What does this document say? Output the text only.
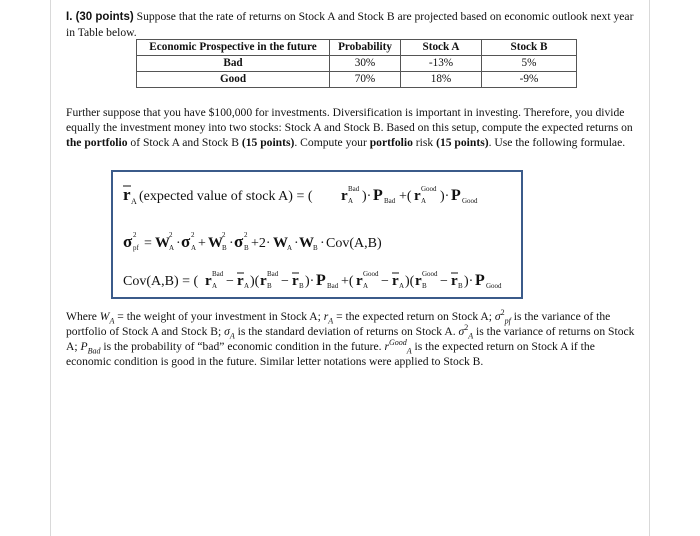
I. (30 points) Suppose that the rate of returns on Stock A and Stock B are projected based on economic outlook next year in Table below.
Economic Prospective in the future	Probability	Stock A	Stock B
Bad	30%	-13%	5%
Good	70%	18%	-9%
Further suppose that you have $100,000 for investments. Diversification is important in investing. Therefore, you divide equally the investment money into two stocks: Stock A and Stock B. Based on this setup, compute the expected returns on the portfolio of Stock A and Stock B (15 points). Compute your portfolio risk (15 points). Use the following formulae.
r A (expected value of stock A) = ( r Bad
A )· P Bad +( r Good
A )· P Good
σ 2
pf = W 2
A · σ 2
A + W 2
B · σ 2
B +2· W A · W B · Cov(A,B)
Cov(A,B) = ( r Bad
A − r A )( r Bad
B − r B )· P Bad +( r Good
A − r A )( r Good
B − r B )· P Good
Where $W_A$ = the weight of your investment in Stock A; $r_A$ = the expected return on Stock A; $\sigma^2_{pf}$ is the variance of the portfolio of Stock A and Stock B; $\sigma_A$ is the standard deviation of returns on Stock A. $\sigma^2_A$ is the variance of returns on Stock A; $P_{Bad}$ is the probability of “bad” economic condition in the future. $r^{Good}_A$ is the expected return on Stock A if the economic condition is good in the future. Similar letter notations were applied to Stock B.
